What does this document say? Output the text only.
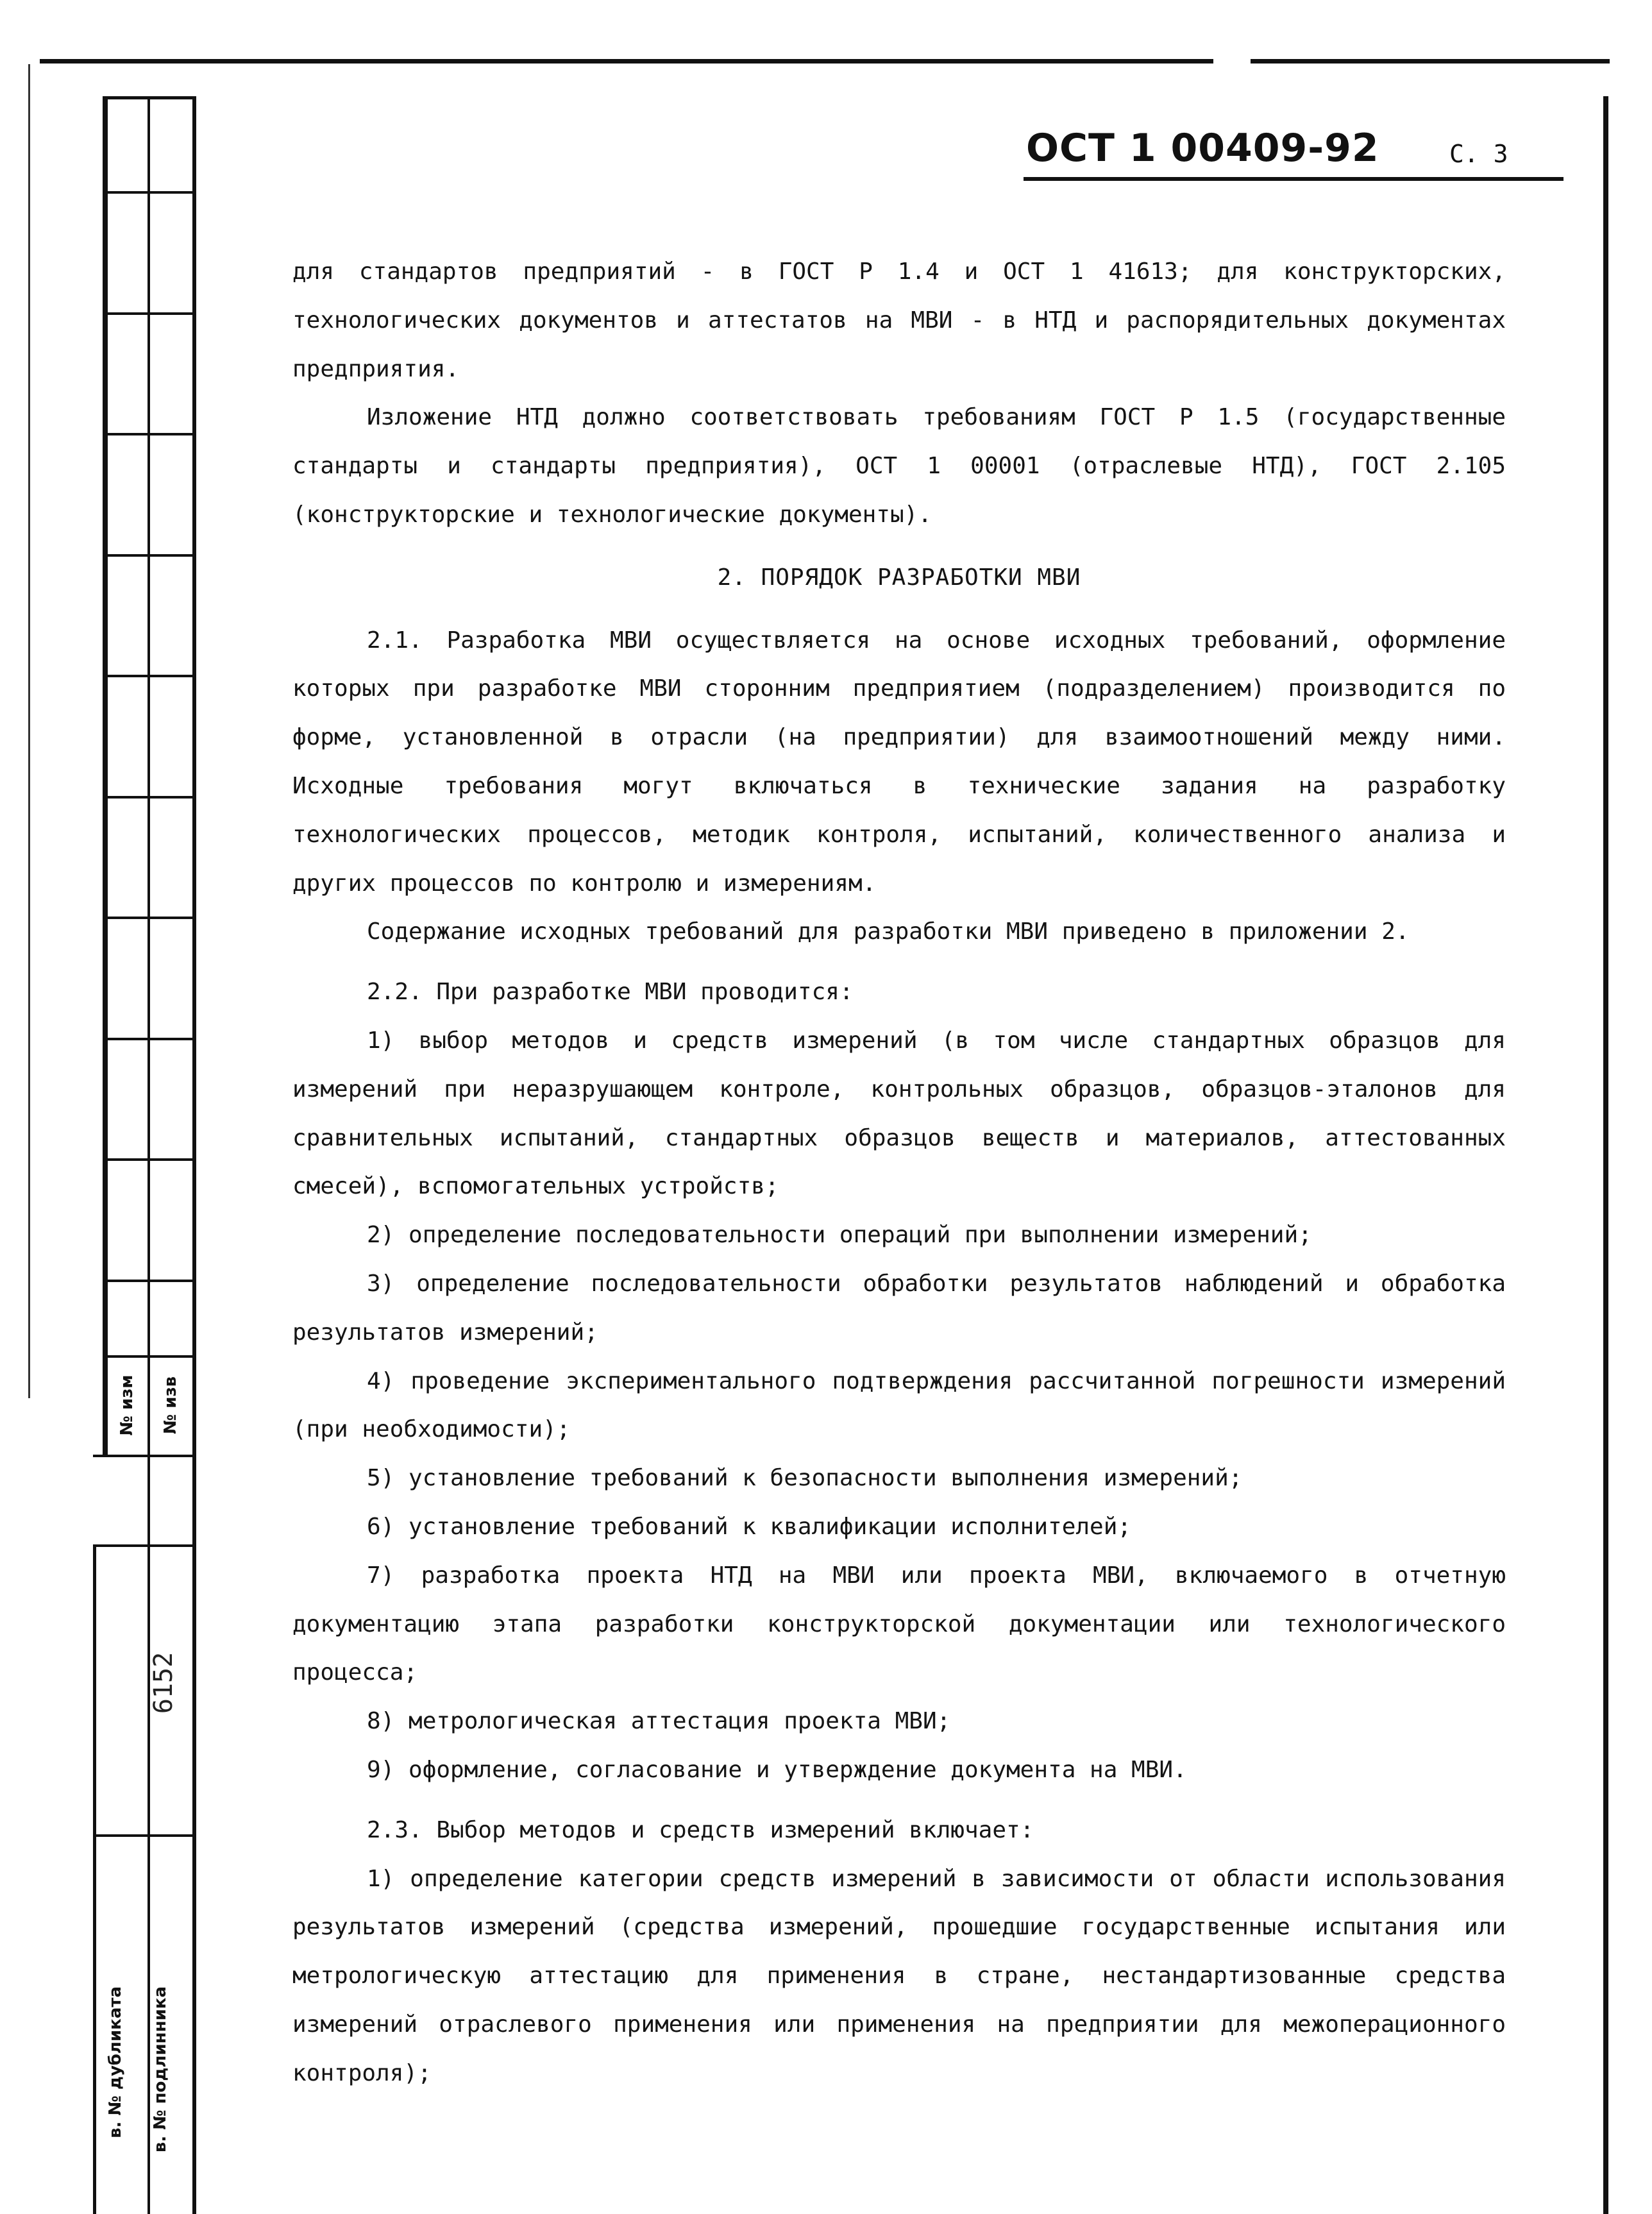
№ изм № изв
6152
в. № дубликата в. № подлинника
ОСТ 1 00409-92	С. 3

для стандартов предприятий - в ГОСТ Р 1.4 и ОСТ 1 41613; для конструкторских, технологических документов и аттестатов на МВИ - в НТД и распорядительных документах предприятия.

Изложение НТД должно соответствовать требованиям ГОСТ Р 1.5 (государственные стандарты и стандарты предприятия), ОСТ 1 00001 (отраслевые НТД), ГОСТ 2.105 (конструкторские и технологические документы).

2. ПОРЯДОК РАЗРАБОТКИ МВИ

2.1. Разработка МВИ осуществляется на основе исходных требований, оформление которых при разработке МВИ сторонним предприятием (подразделением) производится по форме, установленной в отрасли (на предприятии) для взаимоотношений между ними. Исходные требования могут включаться в технические задания на разработку технологических процессов, методик контроля, испытаний, количественного анализа и других процессов по контролю и измерениям.

Содержание исходных требований для разработки МВИ приведено в приложении 2.

2.2. При разработке МВИ проводится:

1) выбор методов и средств измерений (в том числе стандартных образцов для измерений при неразрушающем контроле, контрольных образцов, образцов-эталонов для сравнительных испытаний, стандартных образцов веществ и материалов, аттестованных смесей), вспомогательных устройств;

2) определение последовательности операций при выполнении измерений;

3) определение последовательности обработки результатов наблюдений и обработка результатов измерений;

4) проведение экспериментального подтверждения рассчитанной погрешности измерений (при необходимости);

5) установление требований к безопасности выполнения измерений;

6) установление требований к квалификации исполнителей;

7) разработка проекта НТД на МВИ или проекта МВИ, включаемого в отчетную документацию этапа разработки конструкторской документации или технологического процесса;

8) метрологическая аттестация проекта МВИ;

9) оформление, согласование и утверждение документа на МВИ.

2.3. Выбор методов и средств измерений включает:

1) определение категории средств измерений в зависимости от области использования результатов измерений (средства измерений, прошедшие государственные испытания или метрологическую аттестацию для применения в стране, нестандартизованные средства измерений отраслевого применения или применения на предприятии для межоперационного контроля);
